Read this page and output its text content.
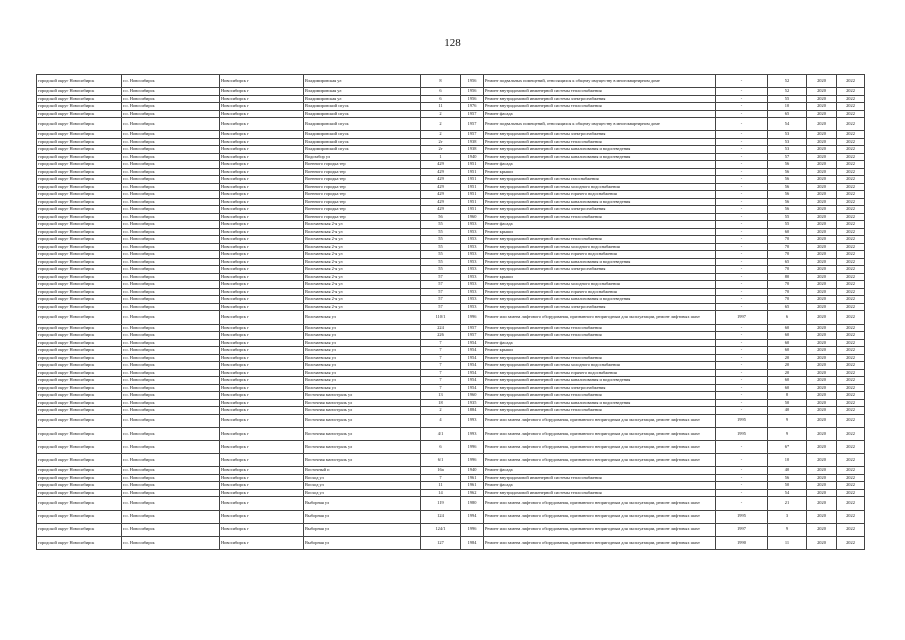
128
городской округ Новосибирск	г.о. Новосибирск	Новосибирск г	Владимировская ул	8	1956	Ремонт подвальных помещений, относящихся к общему имуществу в многоквартирном доме	-	52	2020	2022
городской округ Новосибирск	г.о. Новосибирск	Новосибирск г	Владимировская ул	6	1956	Ремонт внутридомовой инженерной системы теплоснабжения	-	52	2020	2022
городской округ Новосибирск	г.о. Новосибирск	Новосибирск г	Владимировская ул	6	1956	Ремонт внутридомовой инженерной системы электроснабжения	-	55	2020	2022
городской округ Новосибирск	г.о. Новосибирск	Новосибирск г	Владимировский спуск	11	1976	Ремонт внутридомовой инженерной системы теплоснабжения	-	10	2020	2022
городской округ Новосибирск	г.о. Новосибирск	Новосибирск г	Владимировский спуск	2	1957	Ремонт фасада	-	65	2020	2022
городской округ Новосибирск	г.о. Новосибирск	Новосибирск г	Владимировский спуск	2	1957	Ремонт подвальных помещений, относящихся к общему имуществу в многоквартирном доме	-	54	2020	2022
городской округ Новосибирск	г.о. Новосибирск	Новосибирск г	Владимировский спуск	2	1957	Ремонт внутридомовой инженерной системы электроснабжения	-	53	2020	2022
городской округ Новосибирск	г.о. Новосибирск	Новосибирск г	Владимировский спуск	2г	1938	Ремонт внутридомовой инженерной системы теплоснабжения	-	53	2020	2022
городской округ Новосибирск	г.о. Новосибирск	Новосибирск г	Владимировский спуск	2г	1938	Ремонт внутридомовой инженерной системы канализования и водоотведения	-	53	2020	2022
городской округ Новосибирск	г.о. Новосибирск	Новосибирск г	Водозабор ул	1	1940	Ремонт внутридомовой инженерной системы канализования и водоотведения	-	57	2020	2022
городской округ Новосибирск	г.о. Новосибирск	Новосибирск г	Военного городка тер	429	1951	Ремонт фасада	-	56	2020	2022
городской округ Новосибирск	г.о. Новосибирск	Новосибирск г	Военного городка тер	429	1951	Ремонт крыши	-	56	2020	2022
городской округ Новосибирск	г.о. Новосибирск	Новосибирск г	Военного городка тер	429	1951	Ремонт внутридомовой инженерной системы газоснабжения	-	56	2020	2022
городской округ Новосибирск	г.о. Новосибирск	Новосибирск г	Военного городка тер	429	1951	Ремонт внутридомовой инженерной системы холодного водоснабжения	-	56	2020	2022
городской округ Новосибирск	г.о. Новосибирск	Новосибирск г	Военного городка тер	429	1951	Ремонт внутридомовой инженерной системы горячего водоснабжения	-	56	2020	2022
городской округ Новосибирск	г.о. Новосибирск	Новосибирск г	Военного городка тер	429	1951	Ремонт внутридомовой инженерной системы канализования и водоотведения	-	56	2020	2022
городской округ Новосибирск	г.о. Новосибирск	Новосибирск г	Военного городка тер	429	1951	Ремонт внутридомовой инженерной системы электроснабжения	-	56	2020	2022
городской округ Новосибирск	г.о. Новосибирск	Новосибирск г	Военного городка тер	56	1960	Ремонт внутридомовой инженерной системы теплоснабжения	-	55	2020	2022
городской округ Новосибирск	г.о. Новосибирск	Новосибирск г	Волочаевская 2-я ул	55	1953	Ремонт фасада	-	55	2020	2022
городской округ Новосибирск	г.о. Новосибирск	Новосибирск г	Волочаевская 2-я ул	55	1953	Ремонт крыши	-	60	2020	2022
городской округ Новосибирск	г.о. Новосибирск	Новосибирск г	Волочаевская 2-я ул	55	1953	Ремонт внутридомовой инженерной системы теплоснабжения	-	70	2020	2022
городской округ Новосибирск	г.о. Новосибирск	Новосибирск г	Волочаевская 2-я ул	55	1953	Ремонт внутридомовой инженерной системы холодного водоснабжения	-	70	2020	2022
городской округ Новосибирск	г.о. Новосибирск	Новосибирск г	Волочаевская 2-я ул	55	1953	Ремонт внутридомовой инженерной системы горячего водоснабжения	-	70	2020	2022
городской округ Новосибирск	г.о. Новосибирск	Новосибирск г	Волочаевская 2-я ул	55	1953	Ремонт внутридомовой инженерной системы канализования и водоотведения	-	65	2020	2022
городской округ Новосибирск	г.о. Новосибирск	Новосибирск г	Волочаевская 2-я ул	55	1953	Ремонт внутридомовой инженерной системы электроснабжения	-	70	2020	2022
городской округ Новосибирск	г.о. Новосибирск	Новосибирск г	Волочаевская 2-я ул	57	1953	Ремонт крыши	-	80	2020	2022
городской округ Новосибирск	г.о. Новосибирск	Новосибирск г	Волочаевская 2-я ул	57	1953	Ремонт внутридомовой инженерной системы холодного водоснабжения	-	70	2020	2022
городской округ Новосибирск	г.о. Новосибирск	Новосибирск г	Волочаевская 2-я ул	57	1953	Ремонт внутридомовой инженерной системы горячего водоснабжения	-	70	2020	2022
городской округ Новосибирск	г.о. Новосибирск	Новосибирск г	Волочаевская 2-я ул	57	1953	Ремонт внутридомовой инженерной системы канализования и водоотведения	-	70	2020	2022
городской округ Новосибирск	г.о. Новосибирск	Новосибирск г	Волочаевская 2-я ул	57	1953	Ремонт внутридомовой инженерной системы электроснабжения	-	65	2020	2022
городской округ Новосибирск	г.о. Новосибирск	Новосибирск г	Волочаевская ул	110/1	1996	Ремонт или замена лифтового оборудования, признанного непригодным для эксплуатации, ремонт лифтовых шахт	1997	6	2020	2022
городской округ Новосибирск	г.о. Новосибирск	Новосибирск г	Волочаевская ул	224	1957	Ремонт внутридомовой инженерной системы теплоснабжения	-	60	2020	2022
городской округ Новосибирск	г.о. Новосибирск	Новосибирск г	Волочаевская ул	226	1957	Ремонт внутридомовой инженерной системы теплоснабжения	-	60	2020	2022
городской округ Новосибирск	г.о. Новосибирск	Новосибирск г	Волочаевская ул	7	1954	Ремонт фасада	-	60	2020	2022
городской округ Новосибирск	г.о. Новосибирск	Новосибирск г	Волочаевская ул	7	1954	Ремонт крыши	-	60	2020	2022
городской округ Новосибирск	г.о. Новосибирск	Новосибирск г	Волочаевская ул	7	1954	Ремонт внутридомовой инженерной системы теплоснабжения	-	20	2020	2022
городской округ Новосибирск	г.о. Новосибирск	Новосибирск г	Волочаевская ул	7	1954	Ремонт внутридомовой инженерной системы холодного водоснабжения	-	20	2020	2022
городской округ Новосибирск	г.о. Новосибирск	Новосибирск г	Волочаевская ул	7	1954	Ремонт внутридомовой инженерной системы горячего водоснабжения	-	20	2020	2022
городской округ Новосибирск	г.о. Новосибирск	Новосибирск г	Волочаевская ул	7	1954	Ремонт внутридомовой инженерной системы канализования и водоотведения	-	60	2020	2022
городской округ Новосибирск	г.о. Новосибирск	Новосибирск г	Волочаевская ул	7	1954	Ремонт внутридомовой инженерной системы электроснабжения	-	60	2020	2022
городской округ Новосибирск	г.о. Новосибирск	Новосибирск г	Восточная магистраль ул	13	1960	Ремонт внутридомовой инженерной системы теплоснабжения	-	8	2020	2022
городской округ Новосибирск	г.о. Новосибирск	Новосибирск г	Восточная магистраль ул	18	1935	Ремонт внутридомовой инженерной системы канализования и водоотведения	-	50	2020	2022
городской округ Новосибирск	г.о. Новосибирск	Новосибирск г	Восточная магистраль ул	2	1884	Ремонт внутридомовой инженерной системы теплоснабжения	-	40	2020	2022
городской округ Новосибирск	г.о. Новосибирск	Новосибирск г	Восточная магистраль ул	4	1993	Ремонт или замена лифтового оборудования, признанного непригодным для эксплуатации, ремонт лифтовых шахт	1995	9	2020	2022
городской округ Новосибирск	г.о. Новосибирск	Новосибирск г	Восточная магистраль ул	4/1	1993	Ремонт или замена лифтового оборудования, признанного непригодным для эксплуатации, ремонт лифтовых шахт	1995	9	2020	2022
городской округ Новосибирск	г.о. Новосибирск	Новосибирск г	Восточная магистраль ул	6	1996	Ремонт или замена лифтового оборудования, признанного непригодным для эксплуатации, ремонт лифтовых шахт	-	6*	2020	2022
городской округ Новосибирск	г.о. Новосибирск	Новосибирск г	Восточная магистраль ул	6/1	1996	Ремонт или замена лифтового оборудования, признанного непригодным для эксплуатации, ремонт лифтовых шахт	-	10	2020	2022
городской округ Новосибирск	г.о. Новосибирск	Новосибирск г	Восточный п	16а	1940	Ремонт фасада	-	40	2020	2022
городской округ Новосибирск	г.о. Новосибирск	Новосибирск г	Восход ул	7	1961	Ремонт внутридомовой инженерной системы теплоснабжения	-	56	2020	2022
городской округ Новосибирск	г.о. Новосибирск	Новосибирск г	Восход ул	11	1961	Ремонт фасада	-	50	2020	2022
городской округ Новосибирск	г.о. Новосибирск	Новосибирск г	Восход ул	14	1962	Ремонт внутридомовой инженерной системы теплоснабжения	-	54	2020	2022
городской округ Новосибирск	г.о. Новосибирск	Новосибирск г	Выборная ул	119	1980	Ремонт или замена лифтового оборудования, признанного непригодным для эксплуатации, ремонт лифтовых шахт	-	21	2020	2022
городской округ Новосибирск	г.о. Новосибирск	Новосибирск г	Выборная ул	124	1994	Ремонт или замена лифтового оборудования, признанного непригодным для эксплуатации, ремонт лифтовых шахт	1995	3	2020	2022
городской округ Новосибирск	г.о. Новосибирск	Новосибирск г	Выборная ул	124/1	1996	Ремонт или замена лифтового оборудования, признанного непригодным для эксплуатации, ремонт лифтовых шахт	1997	9	2020	2022
городской округ Новосибирск	г.о. Новосибирск	Новосибирск г	Выборная ул	127	1984	Ремонт или замена лифтового оборудования, признанного непригодным для эксплуатации, ремонт лифтовых шахт	1990	11	2020	2022
